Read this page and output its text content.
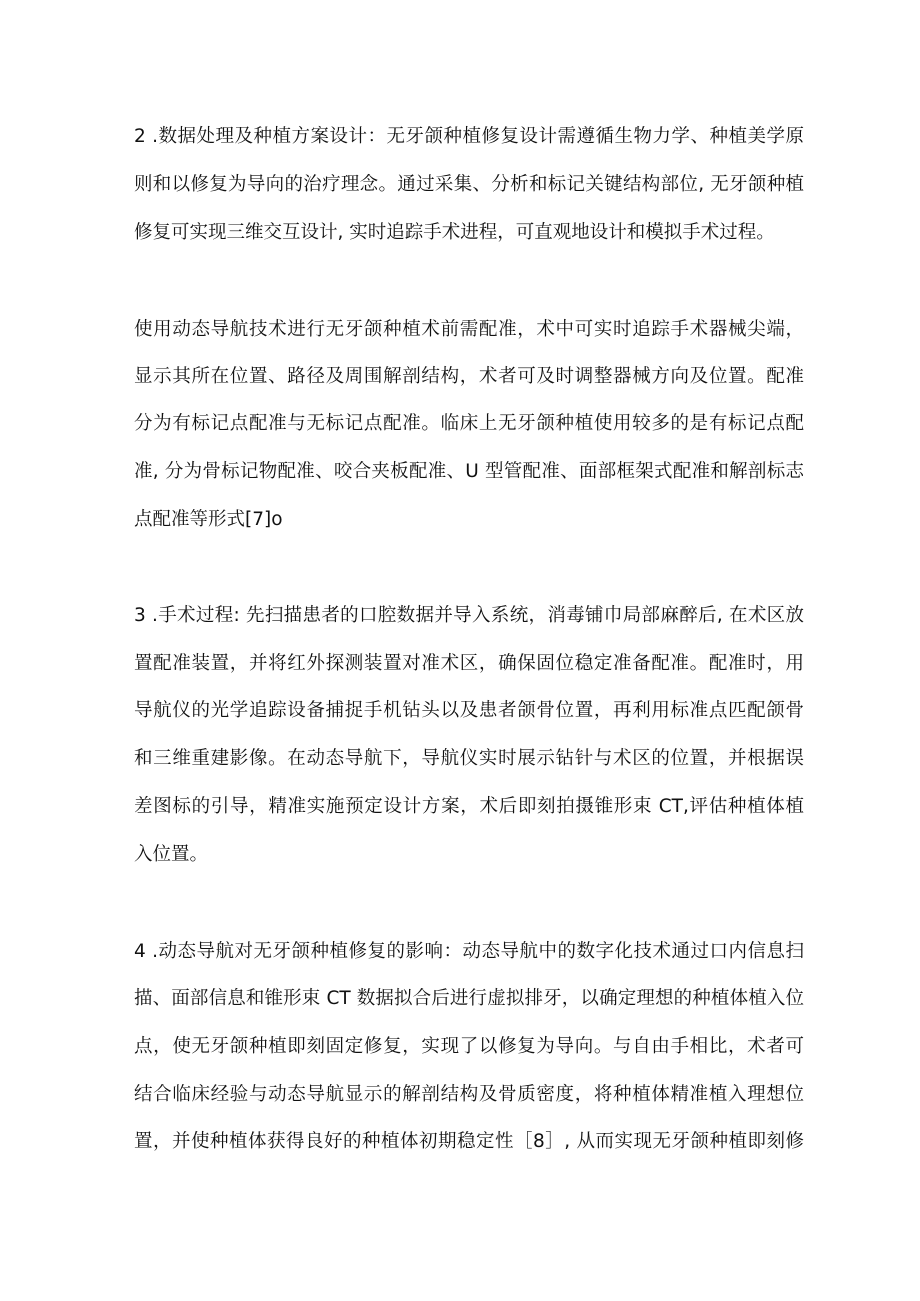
2 .数据处理及种植方案设计：无牙颌种植修复设计需遵循生物力学、种植美学原
则和以修复为导向的治疗理念。通过采集、分析和标记关键结构部位, 无牙颌种植
修复可实现三维交互设计, 实时追踪手术进程，可直观地设计和模拟手术过程。
使用动态导航技术进行无牙颌种植术前需配准，术中可实时追踪手术器械尖端，
显示其所在位置、路径及周围解剖结构，术者可及时调整器械方向及位置。配准
分为有标记点配准与无标记点配准。临床上无牙颌种植使用较多的是有标记点配
准, 分为骨标记物配准、咬合夹板配准、U 型管配准、面部框架式配准和解剖标志
点配准等形式[7]o
3 .手术过程: 先扫描患者的口腔数据并导入系统，消毒铺巾局部麻醉后, 在术区放
置配准装置，并将红外探测装置对准术区，确保固位稳定准备配准。配准时，用
导航仪的光学追踪设备捕捉手机钻头以及患者颌骨位置，再利用标准点匹配颌骨
和三维重建影像。在动态导航下，导航仪实时展示钻针与术区的位置，并根据误
差图标的引导，精准实施预定设计方案，术后即刻拍摄锥形束 CT,评估种植体植
入位置。
4 .动态导航对无牙颌种植修复的影响：动态导航中的数字化技术通过口内信息扫
描、面部信息和锥形束 CT 数据拟合后进行虚拟排牙，以确定理想的种植体植入位
点，使无牙颌种植即刻固定修复，实现了以修复为导向。与自由手相比，术者可
结合临床经验与动态导航显示的解剖结构及骨质密度，将种植体精准植入理想位
置，并使种植体获得良好的种植体初期稳定性［8］, 从而实现无牙颌种植即刻修
